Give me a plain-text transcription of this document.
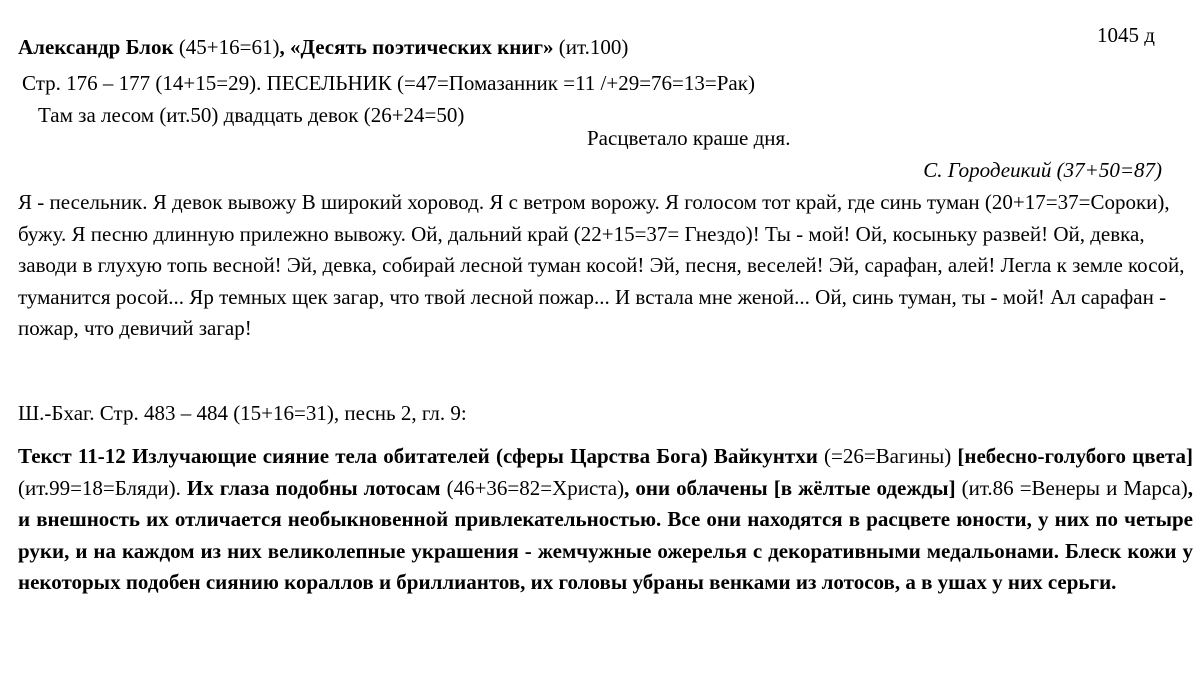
1045 д
Александр Блок (45+16=61), «Десять поэтических книг» (ит.100)
Стр. 176 – 177 (14+15=29). ПЕСЕЛЬНИК (=47=Помазанник =11 /+29=76=13=Рак)
Там за лесом (ит.50) двадцать девок (26+24=50)
Расцветало краше дня.
С. Городеикий (37+50=87)
Я - песельник. Я девок вывожу В широкий хоровод. Я с ветром ворожу. Я голосом тот край, где синь туман (20+17=37=Сороки), бужу. Я песню длинную прилежно вывожу. Ой, дальний край (22+15=37= Гнездо)! Ты - мой! Ой, косыньку развей! Ой, девка, заводи в глухую топь весной! Эй, девка, собирай лесной туман косой! Эй, песня, веселей! Эй, сарафан, алей! Легла к земле косой, туманится росой... Яр темных щек загар, что твой лесной пожар... И встала мне женой... Ой, синь туман, ты - мой! Ал сарафан - пожар, что девичий загар!
Ш.-Бхаг. Стр. 483 – 484 (15+16=31), песнь 2, гл. 9:
Текст 11-12 Излучающие сияние тела обитателей (сферы Царства Бога) Вайкунтхи (=26=Вагины) [небесно-голубого цвета] (ит.99=18=Бляди). Их глаза подобны лотосам (46+36=82=Христа), они облачены [в жёлтые одежды] (ит.86 =Венеры и Марса), и внешность их отличается необыкновенной привлекательностью. Все они находятся в расцвете юности, у них по четыре руки, и на каждом из них великолепные украшения - жемчужные ожерелья с декоративными медальонами. Блеск кожи у некоторых подобен сиянию кораллов и бриллиантов, их головы убраны венками из лотосов, а в ушах у них серьги.
